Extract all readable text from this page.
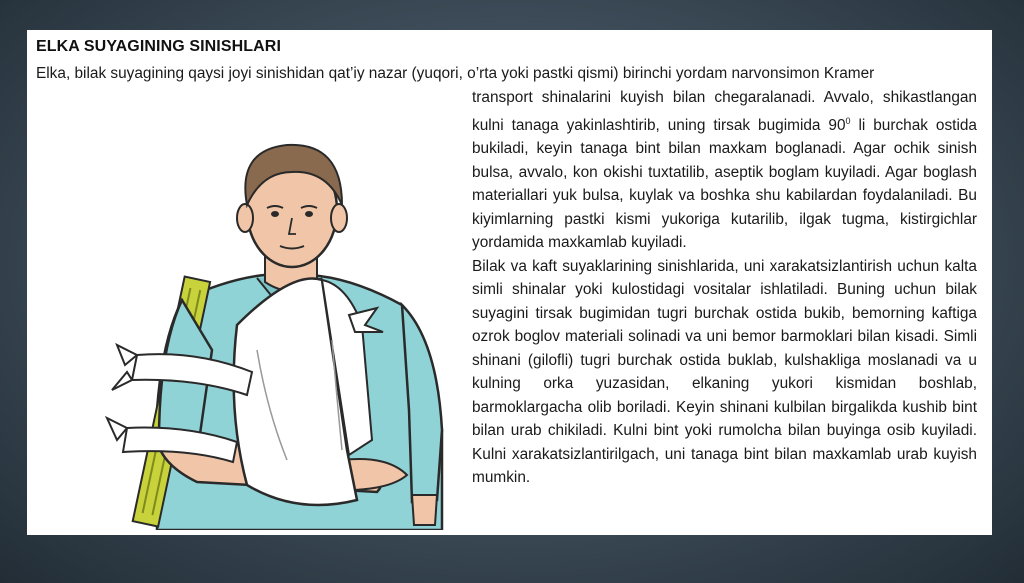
ELKA SUYAGINING SINISHLARI
Elka, bilak suyagining qaysi joyi sinishidan qat’iy nazar (yuqori, o’rta yoki pastki qismi) birinchi yordam narvonsimon Kramer

transport shinalarini kuyish bilan chegaralanadi. Avvalo, shikastlangan kulni tanaga yakinlashtirib, uning tirsak bugimida $90^0$ li burchak ostida bukiladi, keyin tanaga bint bilan maxkam boglanadi. Agar ochik sinish bulsa, avvalo, kon okishi tuxtatilib, aseptik boglam kuyiladi. Agar boglash materiallari yuk bulsa, kuylak va boshka shu kabilardan foydalaniladi. Bu kiyimlarning pastki kismi yukoriga kutarilib, ilgak tugma, kistirgichlar yordamida maxkamlab kuyiladi.

Bilak va kaft suyaklarining sinishlarida, uni xarakatsizlantirish uchun kalta simli shinalar yoki kulostidagi vositalar ishlatiladi. Buning uchun bilak suyagini tirsak bugimidan tugri burchak ostida bukib, bemorning kaftiga ozrok boglov materiali solinadi va uni bemor barmoklari bilan kisadi. Simli shinani (giloflі) tugri burchak ostida buklab, kulshakliga moslanadi va u kulning orka yuzasidan, elkaning yukori kismidan boshlab, barmoklargacha olib boriladi. Keyin shinani kulbilan birgalikda kushib bint bilan urab chikiladi. Kulni bint yoki rumolcha bilan buyinga osib kuyiladi. Kulni xarakatsizlantirilgach, uni tanaga bint bilan maxkamlab urab kuyish mumkin.
